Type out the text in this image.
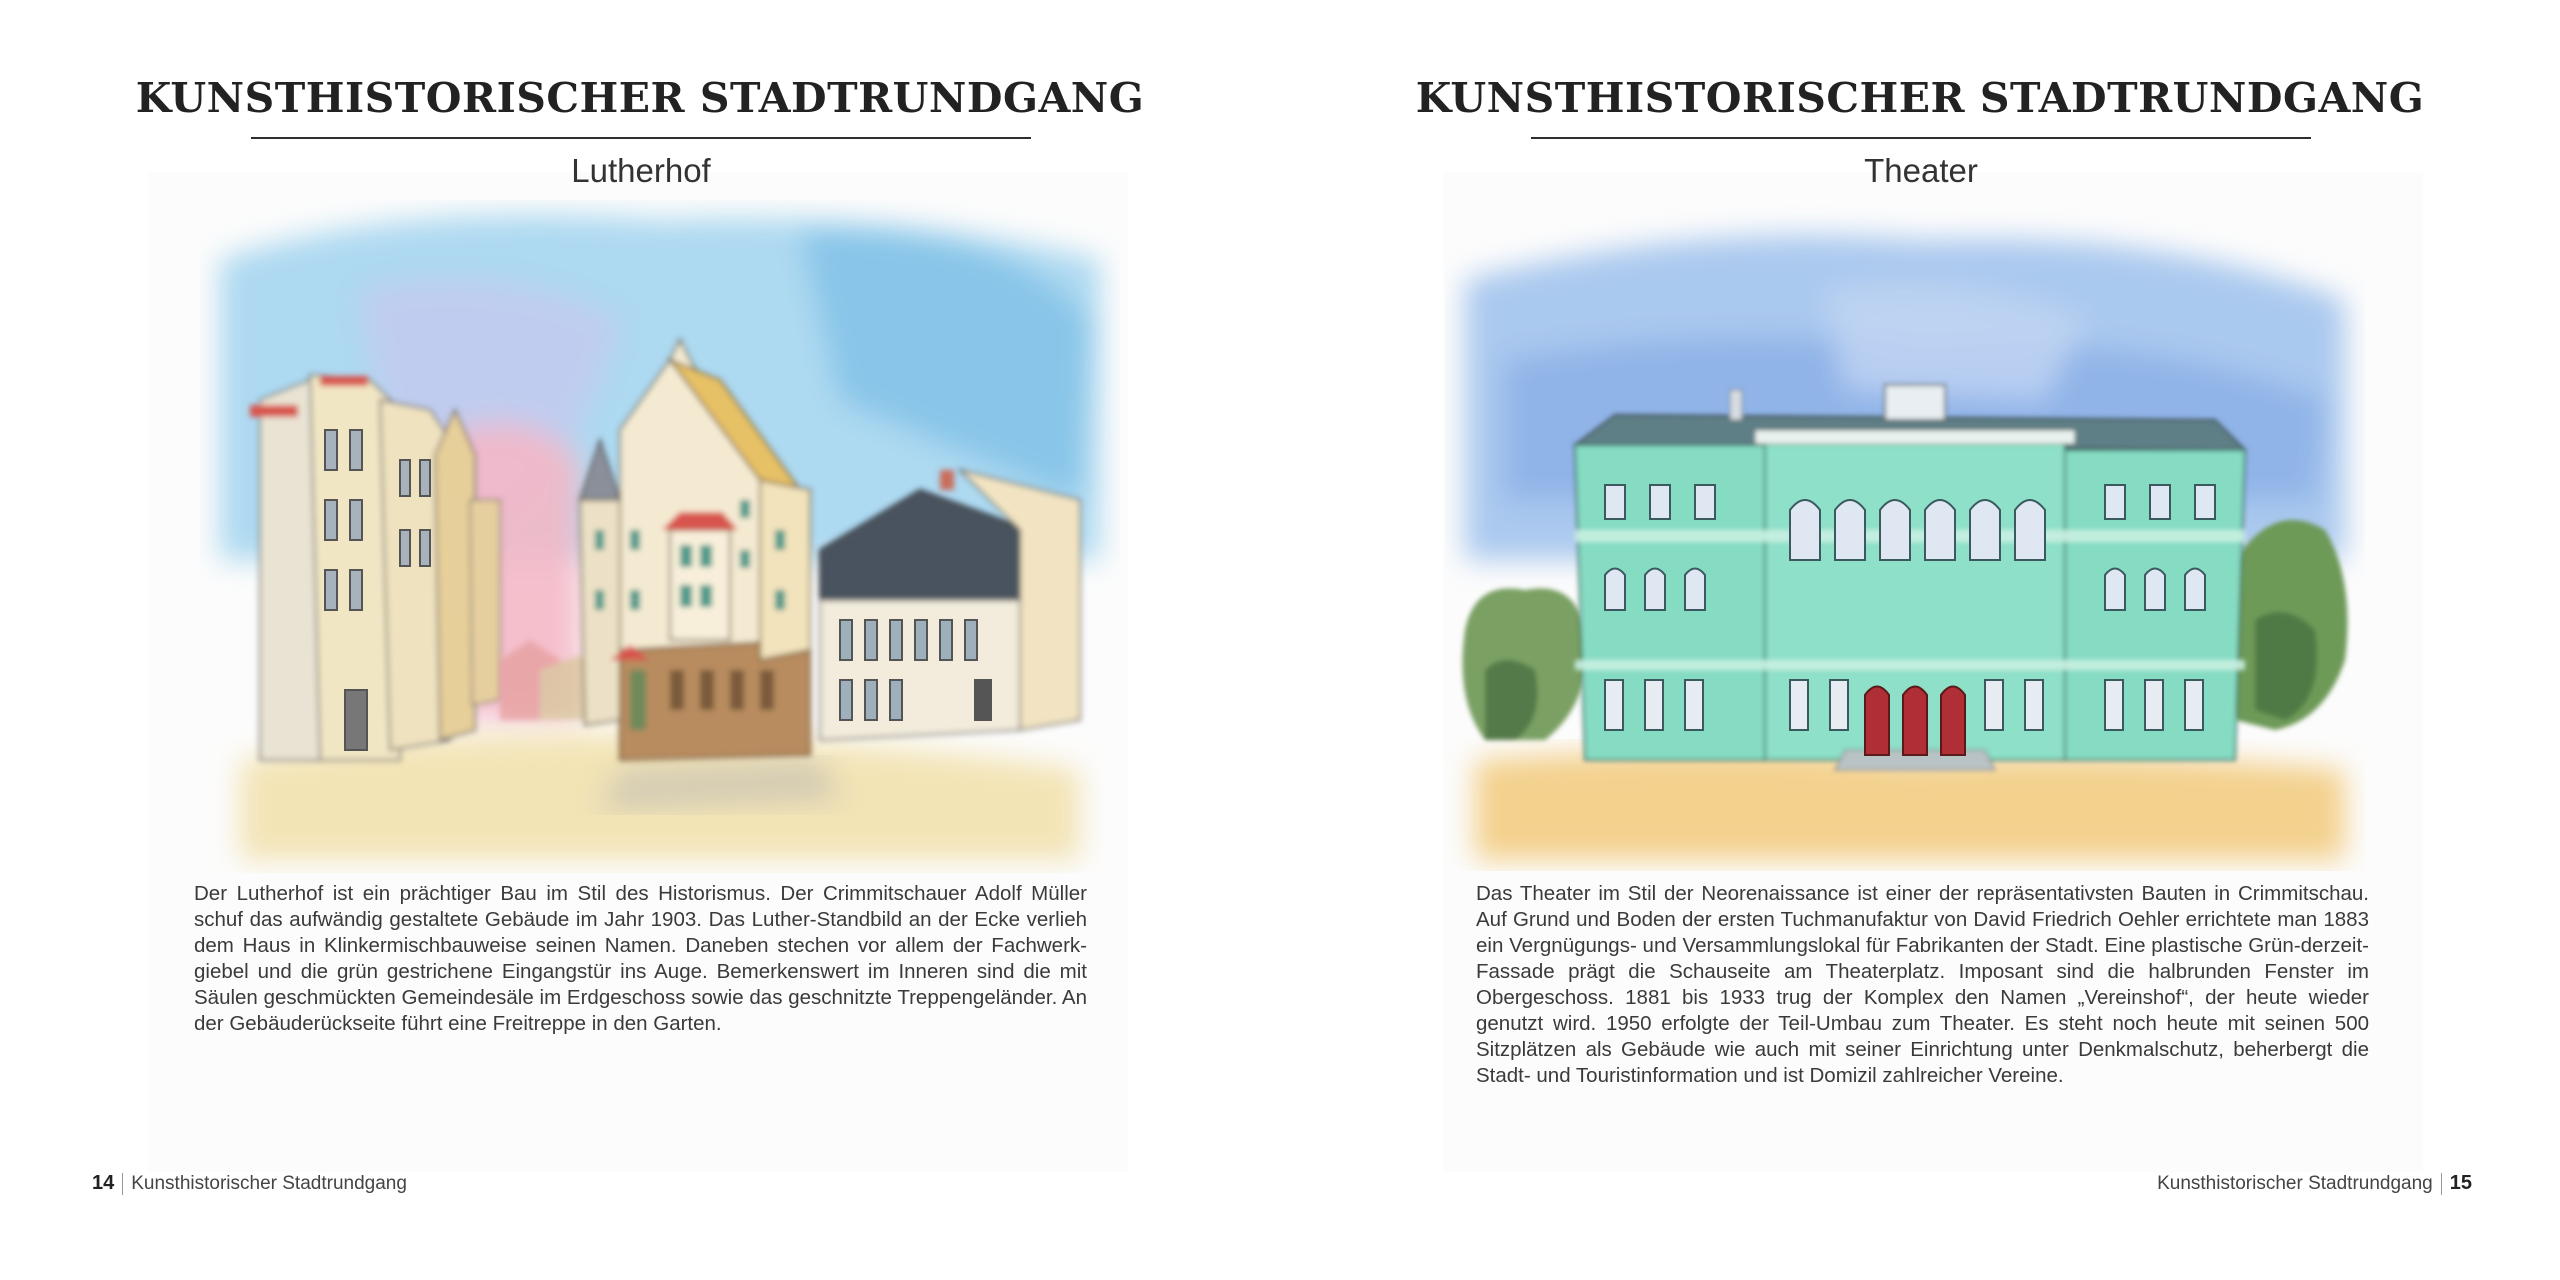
KUNSTHISTORISCHER STADTRUNDGANG
Lutherhof
Der Lutherhof ist ein prächtiger Bau im Stil des Historismus. Der Crimmitschauer Adolf Müller schuf das aufwändig gestaltete Gebäude im Jahr 1903. Das Luther-Standbild an der Ecke verlieh dem Haus in Klinkermischbauweise seinen Namen. Daneben stechen vor allem der Fachwerk-giebel und die grün gestrichene Eingangstür ins Auge. Bemerkenswert im Inneren sind die mit Säulen geschmückten Gemeindesäle im Erdgeschoss sowie das geschnitzte Treppengeländer. An der Gebäuderückseite führt eine Freitreppe in den Garten.
14 Kunsthistorischer Stadtrundgang
KUNSTHISTORISCHER STADTRUNDGANG
Theater
Das Theater im Stil der Neorenaissance ist einer der repräsentativsten Bauten in Crimmitschau. Auf Grund und Boden der ersten Tuchmanufaktur von David Friedrich Oehler errichtete man 1883 ein Vergnügungs- und Versammlungslokal für Fabrikanten der Stadt. Eine plastische Grün-derzeit-Fassade prägt die Schauseite am Theaterplatz. Imposant sind die halbrunden Fenster im Obergeschoss. 1881 bis 1933 trug der Komplex den Namen „Vereinshof“, der heute wieder genutzt wird. 1950 erfolgte der Teil-Umbau zum Theater. Es steht noch heute mit seinen 500 Sitzplätzen als Gebäude wie auch mit seiner Einrichtung unter Denkmalschutz, beherbergt die Stadt- und Touristinformation und ist Domizil zahlreicher Vereine.
Kunsthistorischer Stadtrundgang 15
